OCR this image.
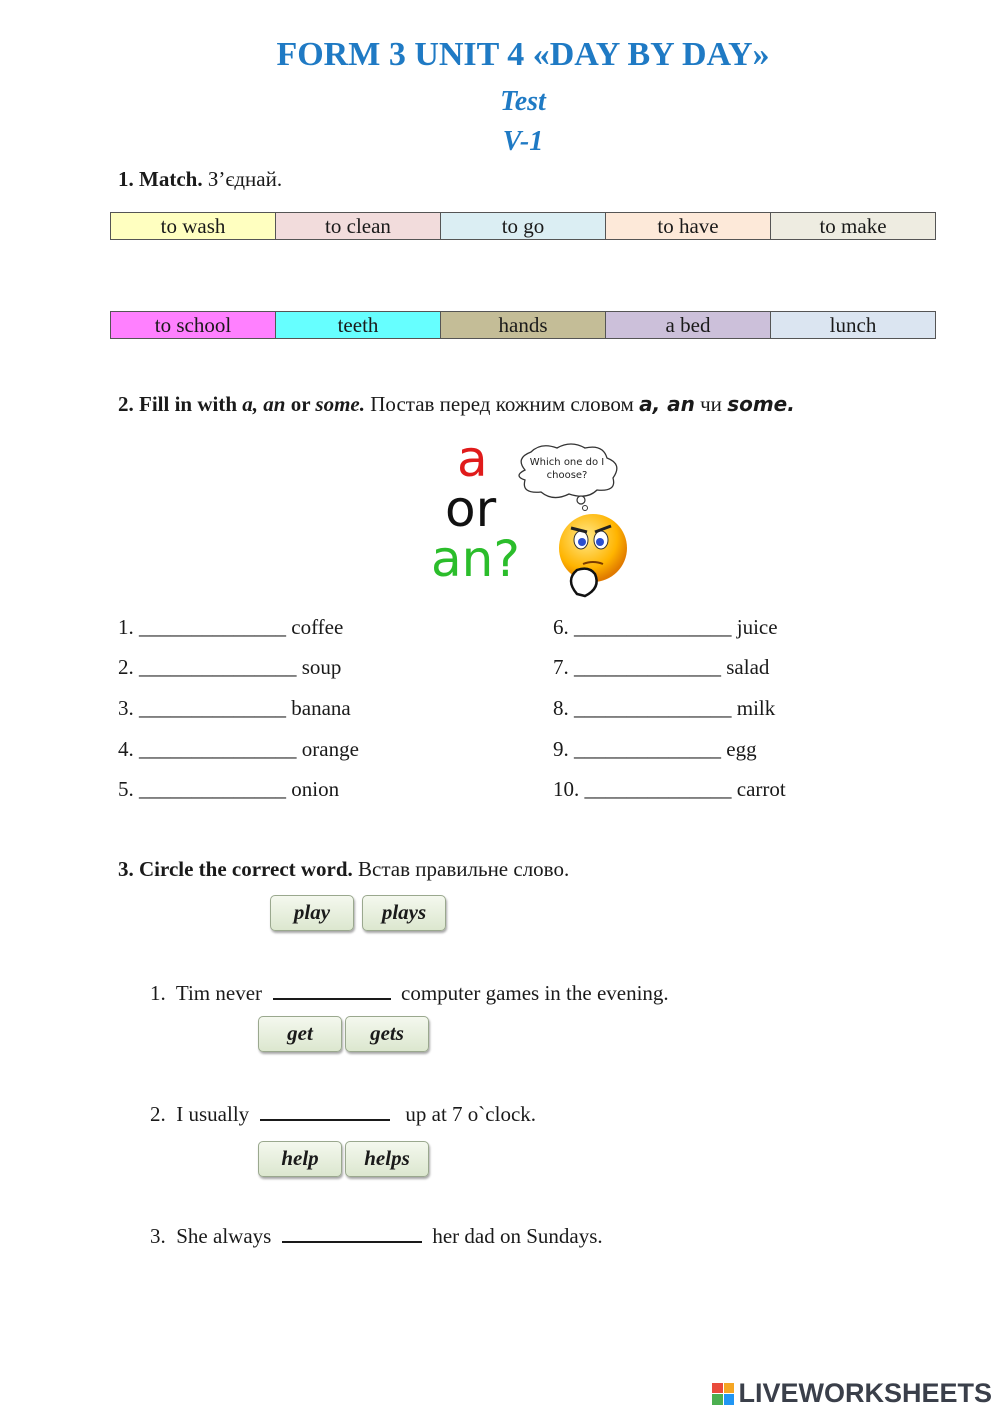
FORM 3 UNIT 4 «DAY BY DAY»
Test
V-1
1. Match. З’єднай.
to wash	to clean	to go	to have	to make
to school	teeth	hands	a bed	lunch
2. Fill in with a, an or some. Постав перед кожним словом a, an чи some.
a
or
an?
Which one do I choose?
1. ______________ coffee
2. _______________ soup
3. ______________ banana
4. _______________ orange
5. ______________ onion
6. _______________ juice
7. ______________ salad
8. _______________ milk
9. ______________ egg
10. ______________ carrot
3. Circle the correct word. Встав правильне слово.
play	plays
1.  Tim never	computer games in the evening.
get	gets
2.  I usually	up at 7 o`clock.
help	helps
3.  She always	her dad on Sundays.
LIVEWORKSHEETS
